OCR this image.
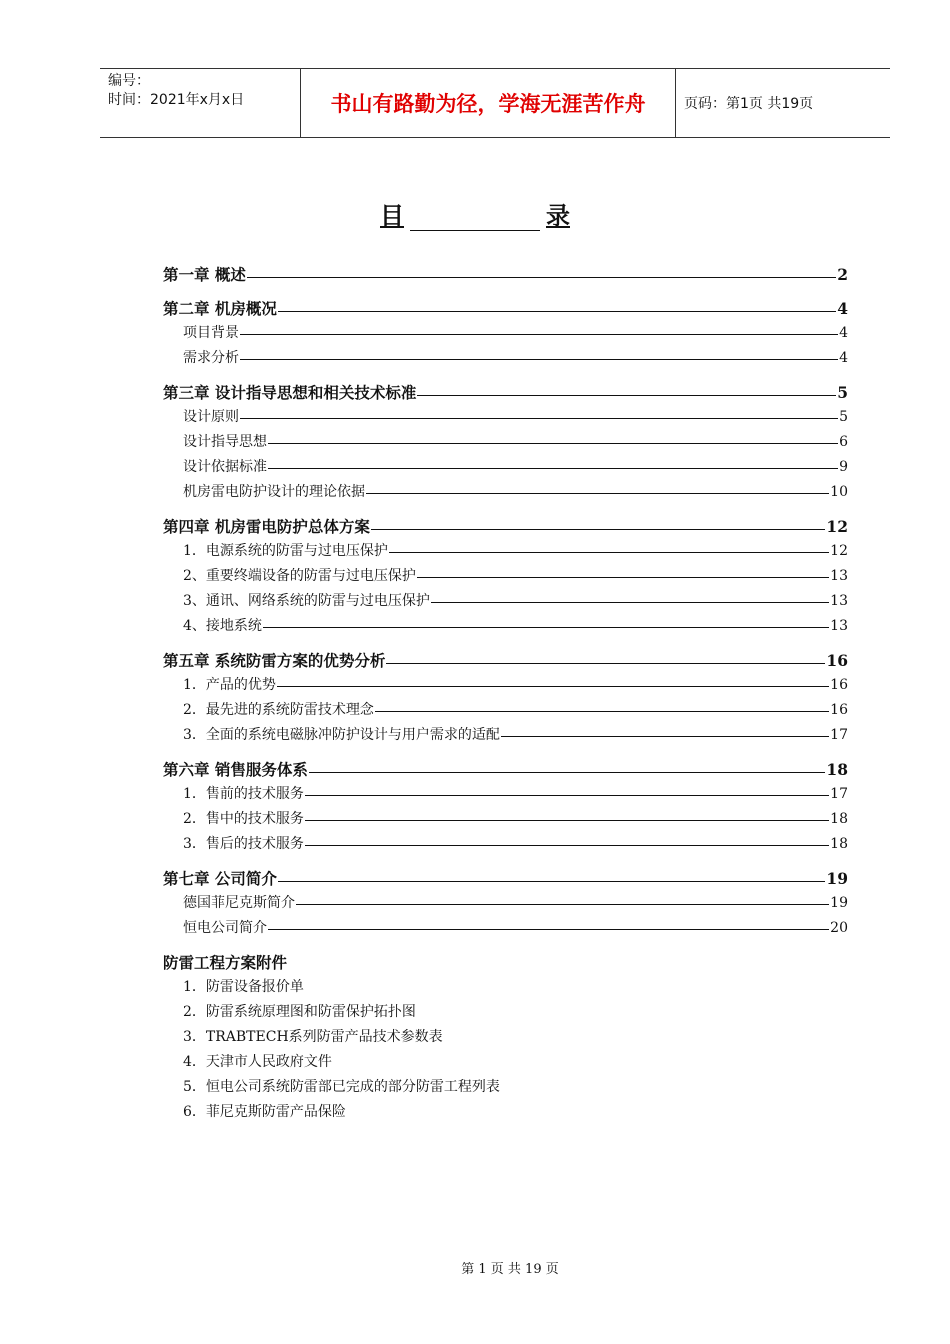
编号：
时间：2021年x月x日	书山有路勤为径，学海无涯苦作舟	页码：第1页 共19页
目	录
第一章 概述	2
第二章 机房概况	4
项目背景	4
需求分析	4
第三章 设计指导思想和相关技术标准	5
设计原则	5
设计指导思想	6
设计依据标准	9
机房雷电防护设计的理论依据	10
第四章 机房雷电防护总体方案	12
1．电源系统的防雷与过电压保护	12
2、重要终端设备的防雷与过电压保护	13
3、通讯、网络系统的防雷与过电压保护	13
4、接地系统	13
第五章 系统防雷方案的优势分析	16
1．产品的优势	16
2．最先进的系统防雷技术理念	16
3．全面的系统电磁脉冲防护设计与用户需求的适配	17
第六章 销售服务体系	18
1．售前的技术服务	17
2．售中的技术服务	18
3．售后的技术服务	18
第七章 公司简介	19
德国菲尼克斯简介	19
恒电公司简介	20
防雷工程方案附件
1．防雷设备报价单
2．防雷系统原理图和防雷保护拓扑图
3．TRABTECH系列防雷产品技术参数表
4．天津市人民政府文件
5．恒电公司系统防雷部已完成的部分防雷工程列表
6．菲尼克斯防雷产品保险
第 1 页 共 19 页
